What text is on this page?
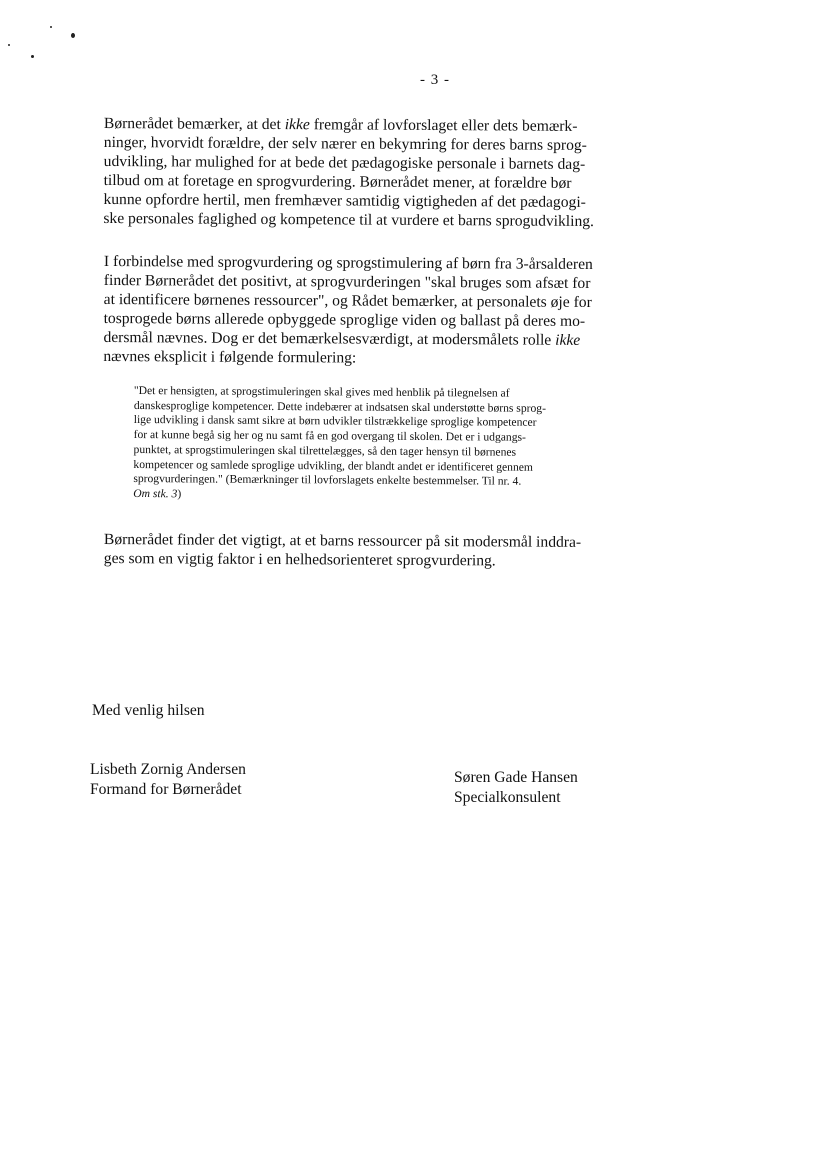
- 3 -
Børnerådet bemærker, at det ikke fremgår af lovforslaget eller dets bemærk-
ninger, hvorvidt forældre, der selv nærer en bekymring for deres barns sprog-
udvikling, har mulighed for at bede det pædagogiske personale i barnets dag-
tilbud om at foretage en sprogvurdering. Børnerådet mener, at forældre bør
kunne opfordre hertil, men fremhæver samtidig vigtigheden af det pædagogi-
ske personales faglighed og kompetence til at vurdere et barns sprogudvikling.
I forbindelse med sprogvurdering og sprogstimulering af børn fra 3-årsalderen
finder Børnerådet det positivt, at sprogvurderingen "skal bruges som afsæt for
at identificere børnenes ressourcer", og Rådet bemærker, at personalets øje for
tosprogede børns allerede opbyggede sproglige viden og ballast på deres mo-
dersmål nævnes. Dog er det bemærkelsesværdigt, at modersmålets rolle ikke
nævnes eksplicit i følgende formulering:
"Det er hensigten, at sprogstimuleringen skal gives med henblik på tilegnelsen af
danskesproglige kompetencer. Dette indebærer at indsatsen skal understøtte børns sprog-
lige udvikling i dansk samt sikre at børn udvikler tilstrækkelige sproglige kompetencer
for at kunne begå sig her og nu samt få en god overgang til skolen. Det er i udgangs-
punktet, at sprogstimuleringen skal tilrettelægges, så den tager hensyn til børnenes
kompetencer og samlede sproglige udvikling, der blandt andet er identificeret gennem
sprogvurderingen." (Bemærkninger til lovforslagets enkelte bestemmelser. Til nr. 4.
Om stk. 3)
Børnerådet finder det vigtigt, at et barns ressourcer på sit modersmål inddra-
ges som en vigtig faktor i en helhedsorienteret sprogvurdering.
Med venlig hilsen
Lisbeth Zornig Andersen
Formand for Børnerådet
Søren Gade Hansen
Specialkonsulent
